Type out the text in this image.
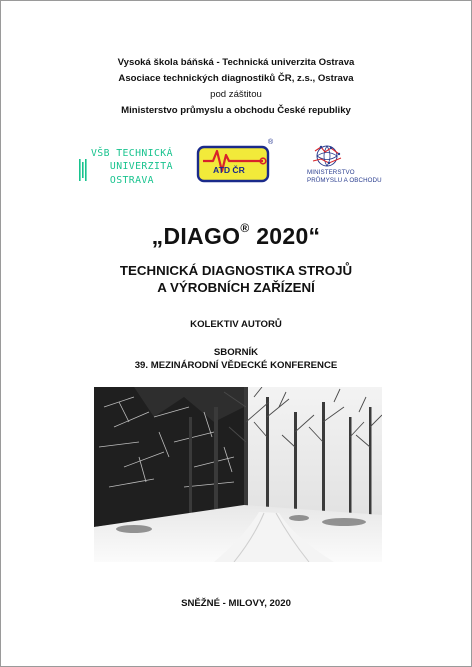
Vysoká škola báňská - Technická univerzita Ostrava
Asociace technických diagnostiků ČR, z.s., Ostrava
pod záštitou
Ministerstvo průmyslu a obchodu České republiky
VŠB TECHNICKÁ
UNIVERZITA
OSTRAVA
ATD ČR
®
MINISTERSTVO
PRŮMYSLU A OBCHODU
„DIAGO® 2020“
TECHNICKÁ DIAGNOSTIKA STROJŮ
A VÝROBNÍCH ZAŘÍZENÍ
KOLEKTIV AUTORŮ
SBORNÍK
39. MEZINÁRODNÍ VĚDECKÉ KONFERENCE
SNĚŽNÉ - MILOVY, 2020
